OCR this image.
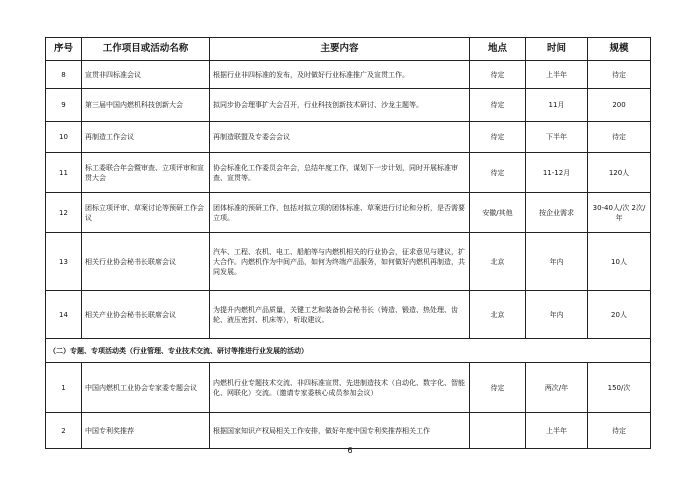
序号	工作项目或活动名称	主要内容	地点	时间	规模
8	宣贯非四标准会议	根据行业非四标准的发布，及时做好行业标准推广及宣贯工作。	待定	上半年	待定
9	第三届中国内燃机科技创新大会	拟同步协会理事扩大会召开，行业科技创新技术研讨、沙龙主题等。	待定	11月	200
10	再制造工作会议	再制造联盟及专委会会议	待定	下半年	待定
11	标工委联合年会暨审查、立项评审和宣贯大会	协会标准化工作委员会年会，总结年度工作，谋划下一步计划，同时开展标准审查、宣贯等。	待定	11-12月	120人
12	团标立项评审、草案讨论等预研工作会议	团体标准的预研工作，包括对拟立项的团体标准、草案进行讨论和分析，是否需要立项。	安徽/其他	按企业需求	30-40人/次 2次/年
13	相关行业协会秘书长联席会议	汽车、工程、农机、电工、船舶等与内燃机相关的行业协会，征求意见与建议，扩大合作。内燃机作为中间产品，如何为终端产品服务，如何做好内燃机再制造，共同发展。	北京	年内	10人
14	相关产业协会秘书长联席会议	为提升内燃机产品质量，关键工艺和装备协会秘书长（铸造、锻造、热处理、齿轮、液压密封、机床等），听取建议。	北京	年内	20人
（二）专题、专项活动类（行业管理、专业技术交流、研讨等推进行业发展的活动）					
1	中国内燃机工业协会专家委专题会议	内燃机行业专题技术交流、非四标准宣贯、先进制造技术（自动化、数字化、智能化、网联化）交流。（邀请专家委核心成员参加会议）	待定	两次/年	150/次
2	中国专利奖推荐	根据国家知识产权局相关工作安排，做好年度中国专利奖推荐相关工作		上半年	待定
6
